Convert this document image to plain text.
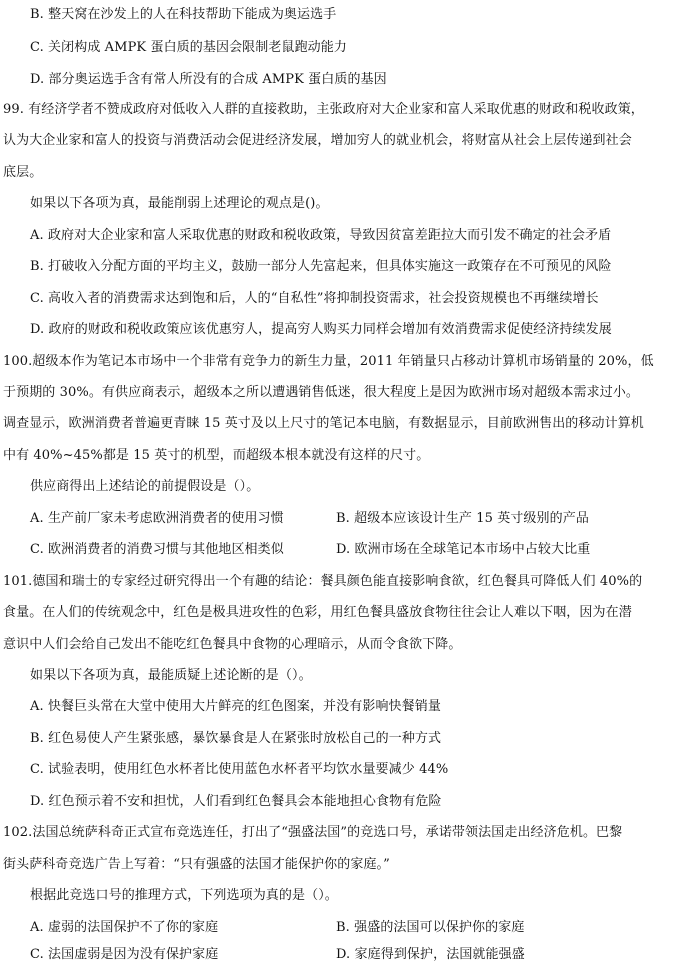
B. 整天窝在沙发上的人在科技帮助下能成为奥运选手
C. 关闭构成 AMPK 蛋白质的基因会限制老鼠跑动能力
D. 部分奥运选手含有常人所没有的合成 AMPK 蛋白质的基因
99. 有经济学者不赞成政府对低收入人群的直接救助，主张政府对大企业家和富人采取优惠的财政和税收政策，
认为大企业家和富人的投资与消费活动会促进经济发展，增加穷人的就业机会，将财富从社会上层传递到社会
底层。
如果以下各项为真，最能削弱上述理论的观点是()。
A. 政府对大企业家和富人采取优惠的财政和税收政策，导致因贫富差距拉大而引发不确定的社会矛盾
B. 打破收入分配方面的平均主义，鼓励一部分人先富起来，但具体实施这一政策存在不可预见的风险
C. 高收入者的消费需求达到饱和后，人的“自私性”将抑制投资需求，社会投资规模也不再继续增长
D. 政府的财政和税收政策应该优惠穷人，提高穷人购买力同样会增加有效消费需求促使经济持续发展
100.超级本作为笔记本市场中一个非常有竞争力的新生力量，2011 年销量只占移动计算机市场销量的 20%，低
于预期的 30%。有供应商表示，超级本之所以遭遇销售低迷，很大程度上是因为欧洲市场对超级本需求过小。
调查显示，欧洲消费者普遍更青睐 15 英寸及以上尺寸的笔记本电脑，有数据显示，目前欧洲售出的移动计算机
中有 40%~45%都是 15 英寸的机型，而超级本根本就没有这样的尺寸。
供应商得出上述结论的前提假设是（）。
A. 生产前厂家未考虑欧洲消费者的使用习惯	B. 超级本应该设计生产 15 英寸级别的产品
C. 欧洲消费者的消费习惯与其他地区相类似	D. 欧洲市场在全球笔记本市场中占较大比重
101.德国和瑞士的专家经过研究得出一个有趣的结论：餐具颜色能直接影响食欲，红色餐具可降低人们 40%的
食量。在人们的传统观念中，红色是极具进攻性的色彩，用红色餐具盛放食物往往会让人难以下咽，因为在潜
意识中人们会给自己发出不能吃红色餐具中食物的心理暗示，从而令食欲下降。
如果以下各项为真，最能质疑上述论断的是（）。
A. 快餐巨头常在大堂中使用大片鲜亮的红色图案，并没有影响快餐销量
B. 红色易使人产生紧张感，暴饮暴食是人在紧张时放松自己的一种方式
C. 试验表明，使用红色水杯者比使用蓝色水杯者平均饮水量要减少 44%
D. 红色预示着不安和担忧，人们看到红色餐具会本能地担心食物有危险
102.法国总统萨科奇正式宣布竞选连任，打出了“强盛法国”的竞选口号，承诺带领法国走出经济危机。巴黎
街头萨科奇竞选广告上写着：“只有强盛的法国才能保护你的家庭。”
根据此竞选口号的推理方式，下列选项为真的是（）。
A. 虚弱的法国保护不了你的家庭	B. 强盛的法国可以保护你的家庭
C. 法国虚弱是因为没有保护家庭	D. 家庭得到保护，法国就能强盛
